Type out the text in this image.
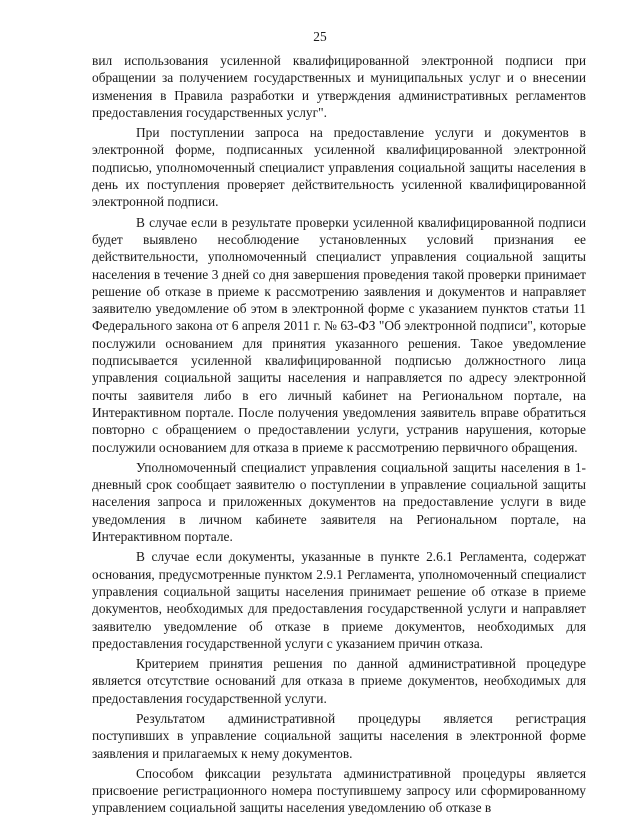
25

вил использования усиленной квалифицированной электронной подписи при обращении за получением государственных и муниципальных услуг и о внесении изменения в Правила разработки и утверждения административных регламентов предоставления государственных услуг".

При поступлении запроса на предоставление услуги и документов в электронной форме, подписанных усиленной квалифицированной электронной подписью, уполномоченный специалист управления социальной защиты населения в день их поступления проверяет действительность усиленной квалифицированной электронной подписи.

В случае если в результате проверки усиленной квалифицированной подписи будет выявлено несоблюдение установленных условий признания ее действительности, уполномоченный специалист управления социальной защиты населения в течение 3 дней со дня завершения проведения такой проверки принимает решение об отказе в приеме к рассмотрению заявления и документов и направляет заявителю уведомление об этом в электронной форме с указанием пунктов статьи 11 Федерального закона от 6 апреля 2011 г. № 63-ФЗ "Об электронной подписи", которые послужили основанием для принятия указанного решения. Такое уведомление подписывается усиленной квалифицированной подписью должностного лица управления социальной защиты населения и направляется по адресу электронной почты заявителя либо в его личный кабинет на Региональном портале, на Интерактивном портале. После получения уведомления заявитель вправе обратиться повторно с обращением о предоставлении услуги, устранив нарушения, которые послужили основанием для отказа в приеме к рассмотрению первичного обращения.

Уполномоченный специалист управления социальной защиты населения в 1-дневный срок сообщает заявителю о поступлении в управление социальной защиты населения запроса и приложенных документов на предоставление услуги в виде уведомления в личном кабинете заявителя на Региональном портале, на Интерактивном портале.

В случае если документы, указанные в пункте 2.6.1 Регламента, содержат основания, предусмотренные пунктом 2.9.1 Регламента, уполномоченный специалист управления социальной защиты населения принимает решение об отказе в приеме документов, необходимых для предоставления государственной услуги и направляет заявителю уведомление об отказе в приеме документов, необходимых для предоставления государственной услуги с указанием причин отказа.

Критерием принятия решения по данной административной процедуре является отсутствие оснований для отказа в приеме документов, необходимых для предоставления государственной услуги.

Результатом административной процедуры является регистрация поступивших в управление социальной защиты населения в электронной форме заявления и прилагаемых к нему документов.

Способом фиксации результата административной процедуры является присвоение регистрационного номера поступившему запросу или сформированному управлением социальной защиты населения уведомлению об отказе в
